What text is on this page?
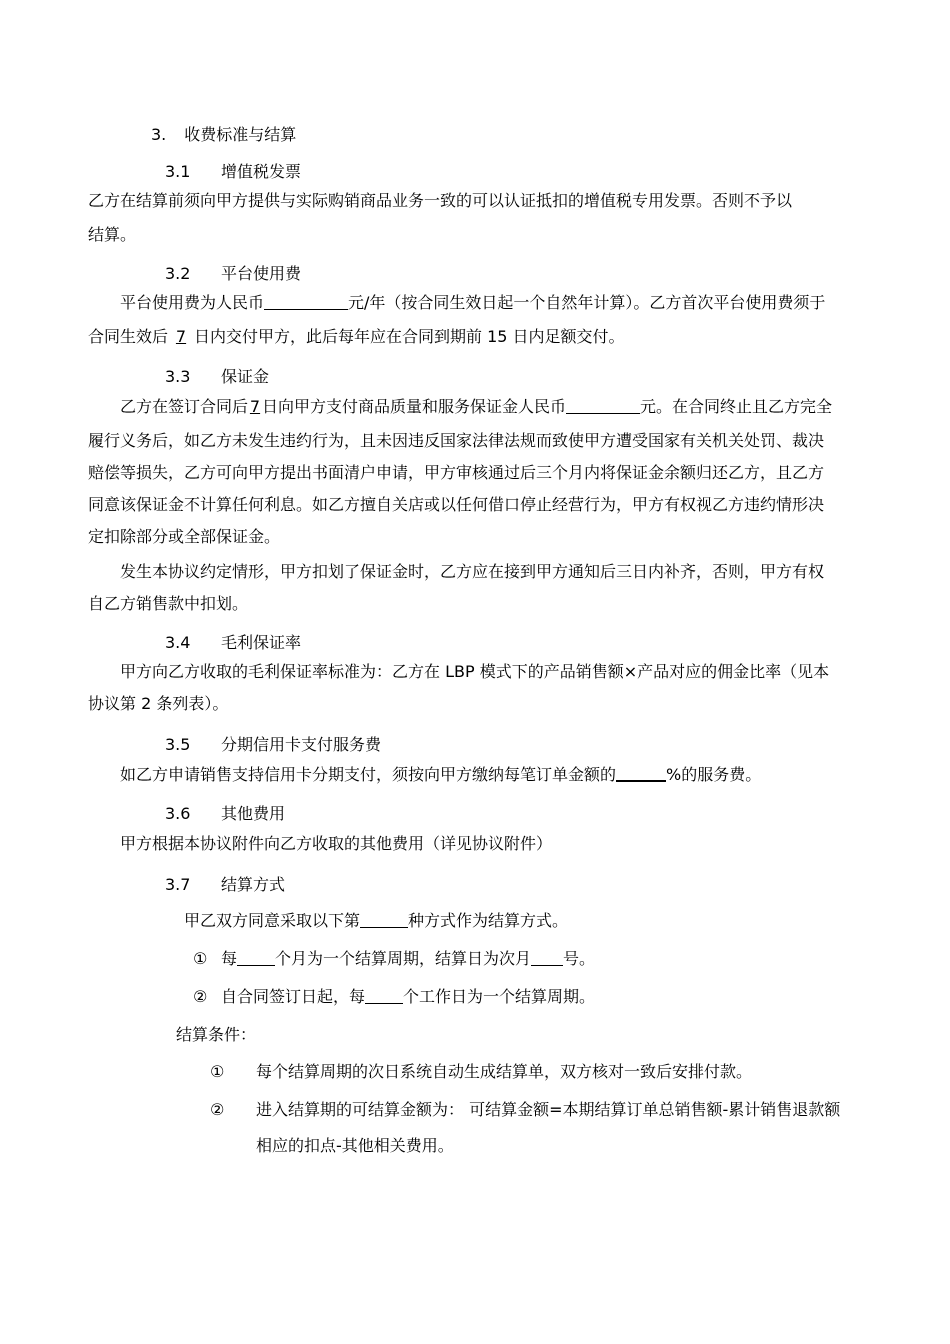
3. 收费标准与结算
3.1 增值税发票
乙方在结算前须向甲方提供与实际购销商品业务一致的可以认证抵扣的增值税专用发票。否则不予以
结算。
3.2 平台使用费
平台使用费为人民币	元/年（按合同生效日起一个自然年计算）。乙方首次平台使用费须于
合同生效后 7 日内交付甲方，此后每年应在合同到期前 15 日内足额交付。
3.3 保证金
乙方在签订合同后 7 日向甲方支付商品质量和服务保证金人民币	元。在合同终止且乙方完全
履行义务后，如乙方未发生违约行为，且未因违反国家法律法规而致使甲方遭受国家有关机关处罚、裁决
赔偿等损失，乙方可向甲方提出书面清户申请，甲方审核通过后三个月内将保证金余额归还乙方，且乙方
同意该保证金不计算任何利息。如乙方擅自关店或以任何借口停止经营行为，甲方有权视乙方违约情形决
定扣除部分或全部保证金。
发生本协议约定情形，甲方扣划了保证金时，乙方应在接到甲方通知后三日内补齐，否则，甲方有权
自乙方销售款中扣划。
3.4 毛利保证率
甲方向乙方收取的毛利保证率标准为：乙方在 LBP 模式下的产品销售额×产品对应的佣金比率（见本
协议第 2 条列表）。
3.5 分期信用卡支付服务费
如乙方申请销售支持信用卡分期支付，须按向甲方缴纳每笔订单金额的	%的服务费。
3.6 其他费用
甲方根据本协议附件向乙方收取的其他费用（详见协议附件）
3.7 结算方式
甲乙双方同意采取以下第	种方式作为结算方式。
① 每 个月为一个结算周期，结算日为次月 号。
② 自合同签订日起，每 个工作日为一个结算周期。
结算条件：
① 每个结算周期的次日系统自动生成结算单，双方核对一致后安排付款。
② 进入结算期的可结算金额为： 可结算金额=本期结算订单总销售额-累计销售退款额
相应的扣点-其他相关费用。
